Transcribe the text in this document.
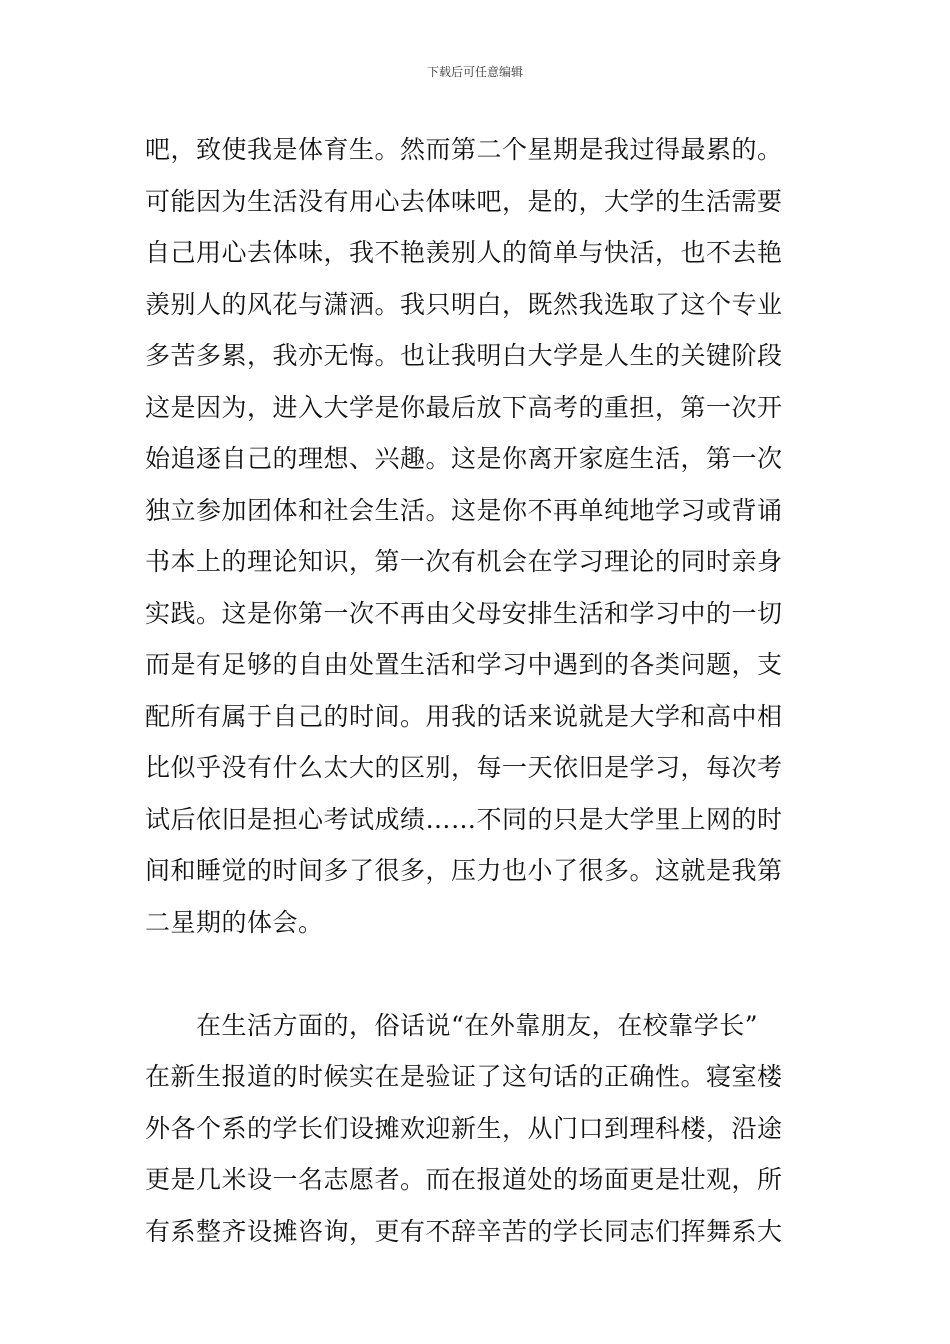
下载后可任意编辑
吧，致使我是体育生。然而第二个星期是我过得最累的。
可能因为生活没有用心去体味吧，是的，大学的生活需要
自己用心去体味，我不艳羡别人的简单与快活，也不去艳
羡别人的风花与潇洒。我只明白，既然我选取了这个专业
多苦多累，我亦无悔。也让我明白大学是人生的关键阶段
这是因为，进入大学是你最后放下高考的重担，第一次开
始追逐自己的理想、兴趣。这是你离开家庭生活，第一次
独立参加团体和社会生活。这是你不再单纯地学习或背诵
书本上的理论知识，第一次有机会在学习理论的同时亲身
实践。这是你第一次不再由父母安排生活和学习中的一切
而是有足够的自由处置生活和学习中遇到的各类问题，支
配所有属于自己的时间。用我的话来说就是大学和高中相
比似乎没有什么太大的区别，每一天依旧是学习，每次考
试后依旧是担心考试成绩……不同的只是大学里上网的时
间和睡觉的时间多了很多，压力也小了很多。这就是我第
二星期的体会。
在生活方面的，俗话说“在外靠朋友，在校靠学长”
在新生报道的时候实在是验证了这句话的正确性。寝室楼
外各个系的学长们设摊欢迎新生，从门口到理科楼，沿途
更是几米设一名志愿者。而在报道处的场面更是壮观，所
有系整齐设摊咨询，更有不辞辛苦的学长同志们挥舞系大
